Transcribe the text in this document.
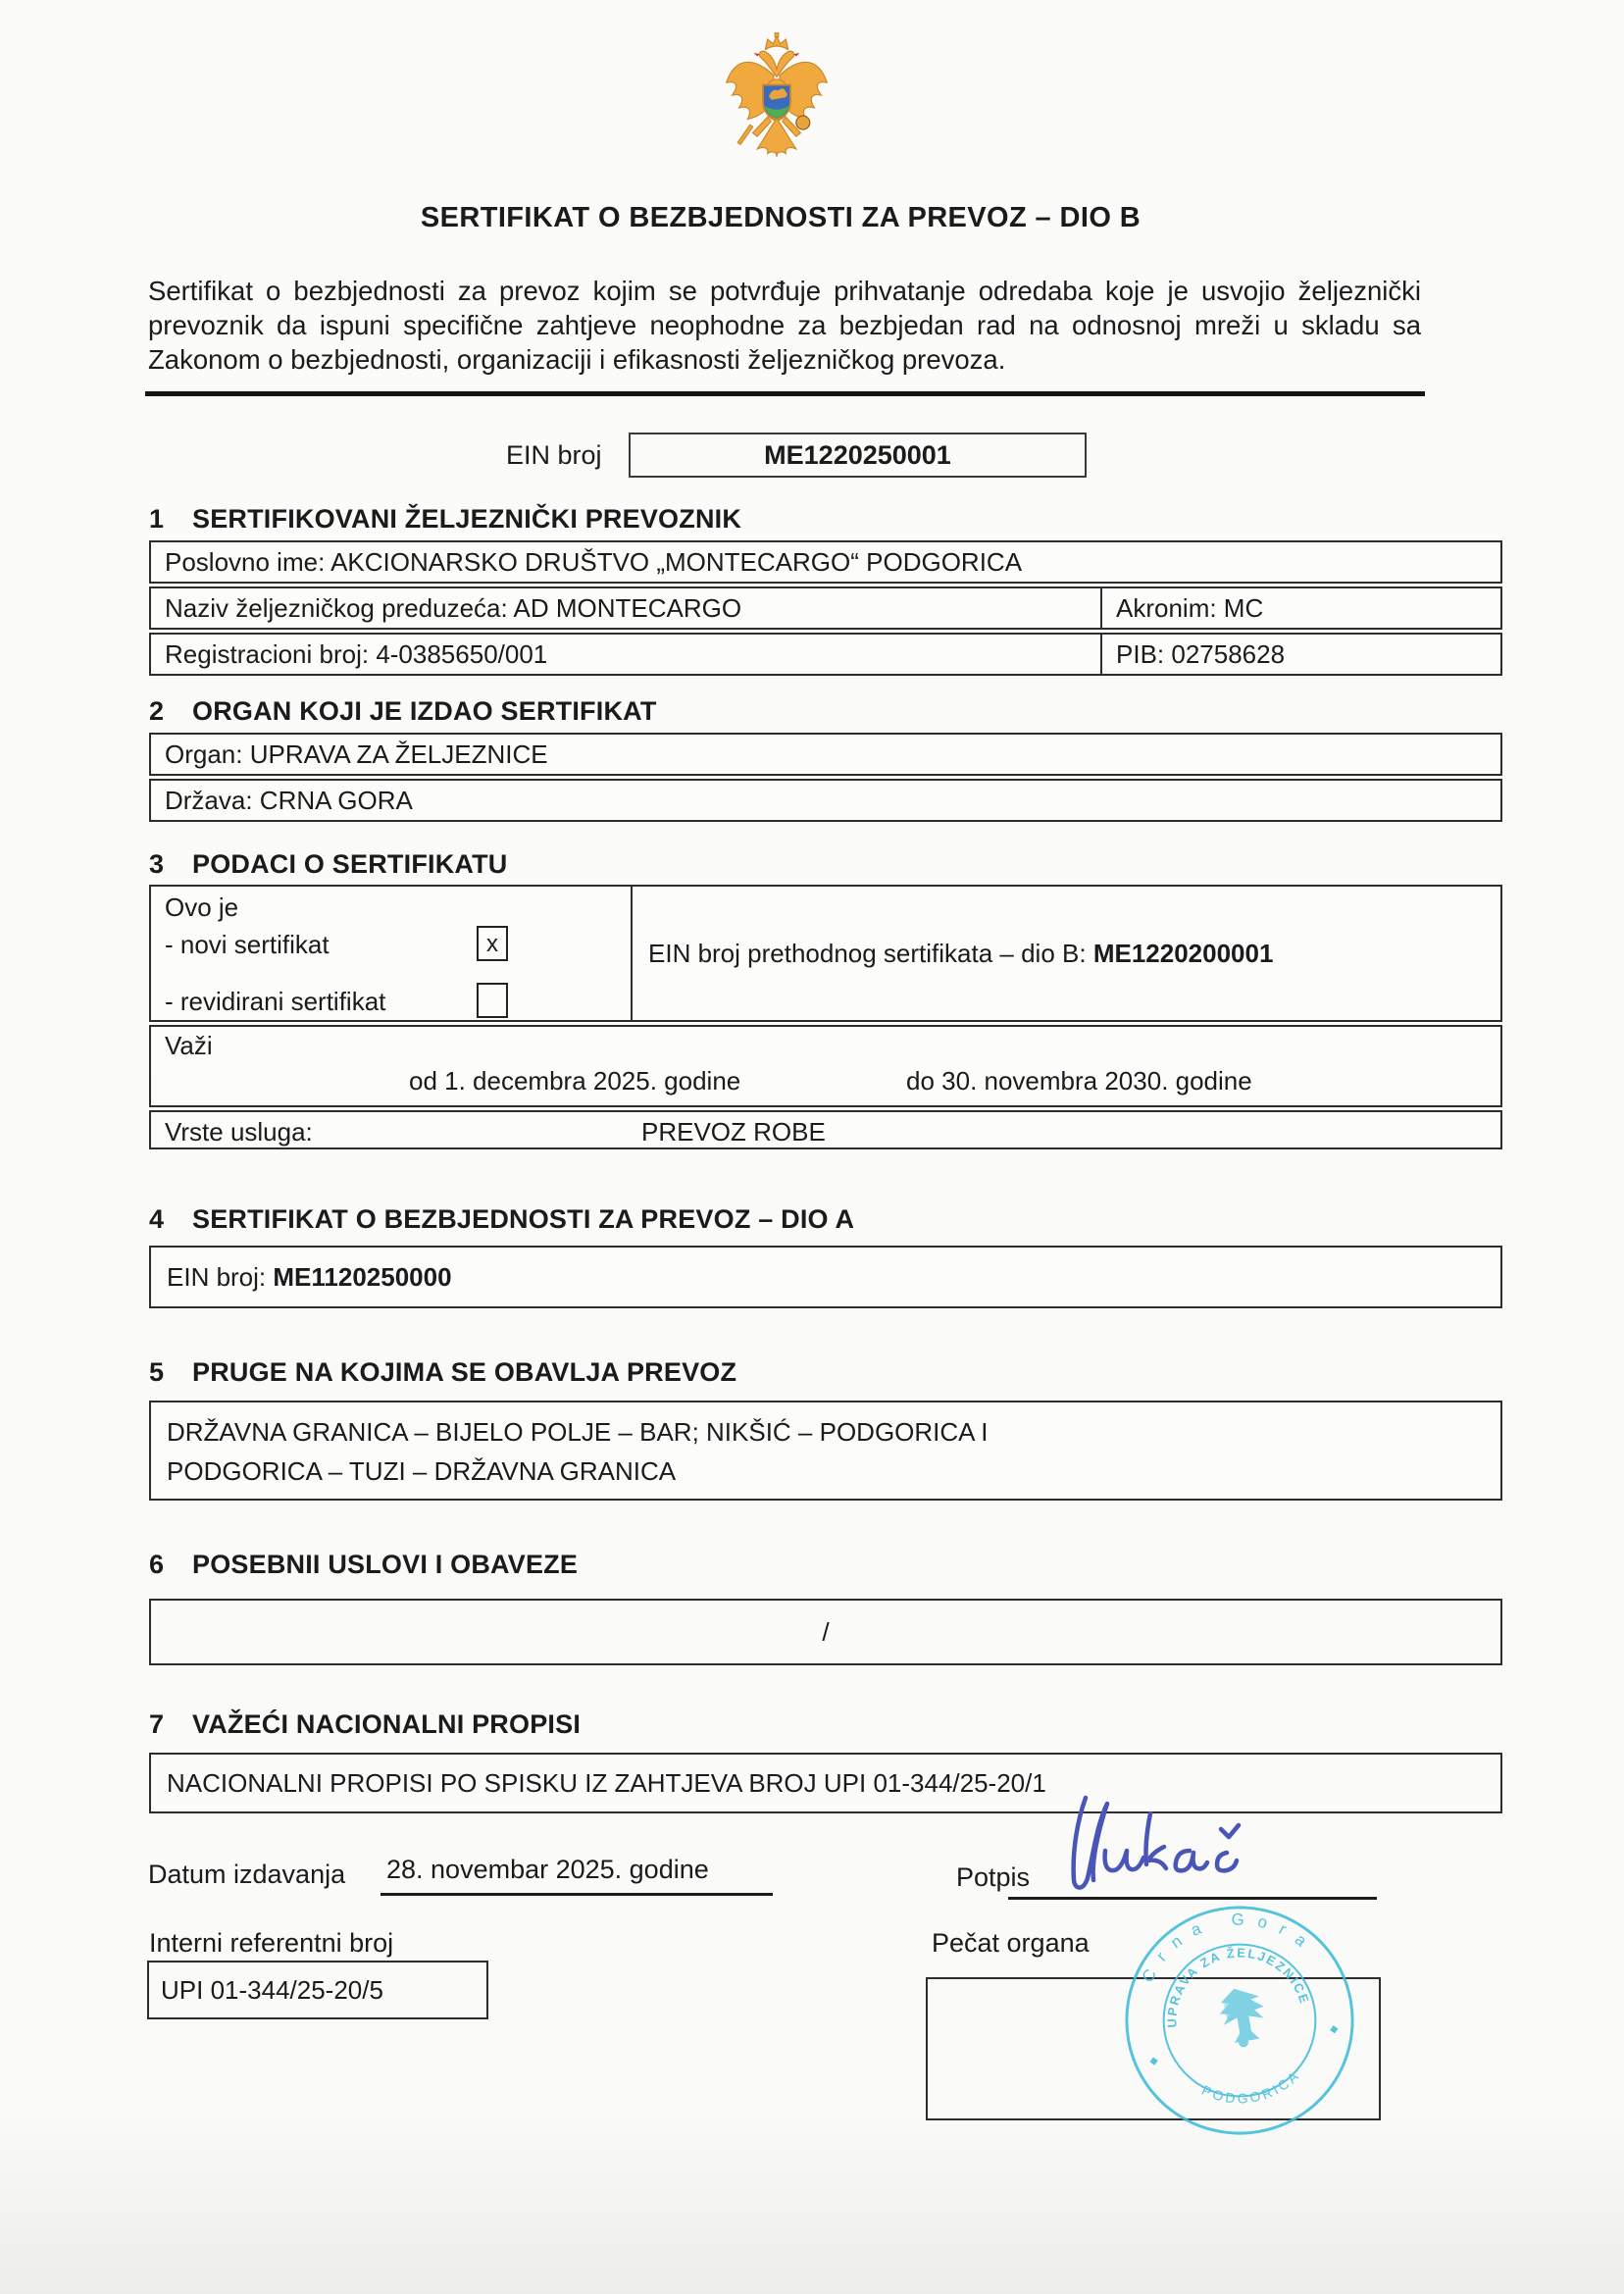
SERTIFIKAT O BEZBJEDNOSTI ZA PREVOZ – DIO B
Sertifikat o bezbjednosti za prevoz kojim se potvrđuje prihvatanje odredaba koje je usvojio željeznički prevoznik da ispuni specifične zahtjeve neophodne za bezbjedan rad na odnosnoj mreži u skladu sa Zakonom o bezbjednosti, organizaciji i efikasnosti željezničkog prevoza.
EIN broj	ME1220250001
1 SERTIFIKOVANI ŽELJEZNIČKI PREVOZNIK
Poslovno ime: AKCIONARSKO DRUŠTVO „MONTECARGO“ PODGORICA
Naziv željezničkog preduzeća: AD MONTECARGO	Akronim: MC
Registracioni broj: 4-0385650/001	PIB: 02758628
2 ORGAN KOJI JE IZDAO SERTIFIKAT
Organ: UPRAVA ZA ŽELJEZNICE
Država: CRNA GORA
3 PODACI O SERTIFIKATU
Ovo je
- novi sertifikat	x
- revidirani sertifikat
EIN broj prethodnog sertifikata – dio B:
ME1220200001
Važi
od 1. decembra 2025. godine	do 30. novembra 2030. godine
Vrste usluga:	PREVOZ ROBE
4 SERTIFIKAT O BEZBJEDNOSTI ZA PREVOZ – DIO A
EIN broj: ME1120250000
5 PRUGE NA KOJIMA SE OBAVLJA PREVOZ
DRŽAVNA GRANICA – BIJELO POLJE – BAR; NIKŠIĆ – PODGORICA I
PODGORICA – TUZI – DRŽAVNA GRANICA
6 POSEBNII USLOVI I OBAVEZE
/
7 VAŽEĆI NACIONALNI PROPISI
NACIONALNI PROPISI PO SPISKU IZ ZAHTJEVA BROJ UPI 01-344/25-20/1
Datum izdavanja 28. novembar 2025. godine	Potpis
Interni referentni broj
UPI 01-344/25-20/5
Pečat organa
Crna Gora
UPRAVA ZA ŽELJEZNICE
PODGORICA
